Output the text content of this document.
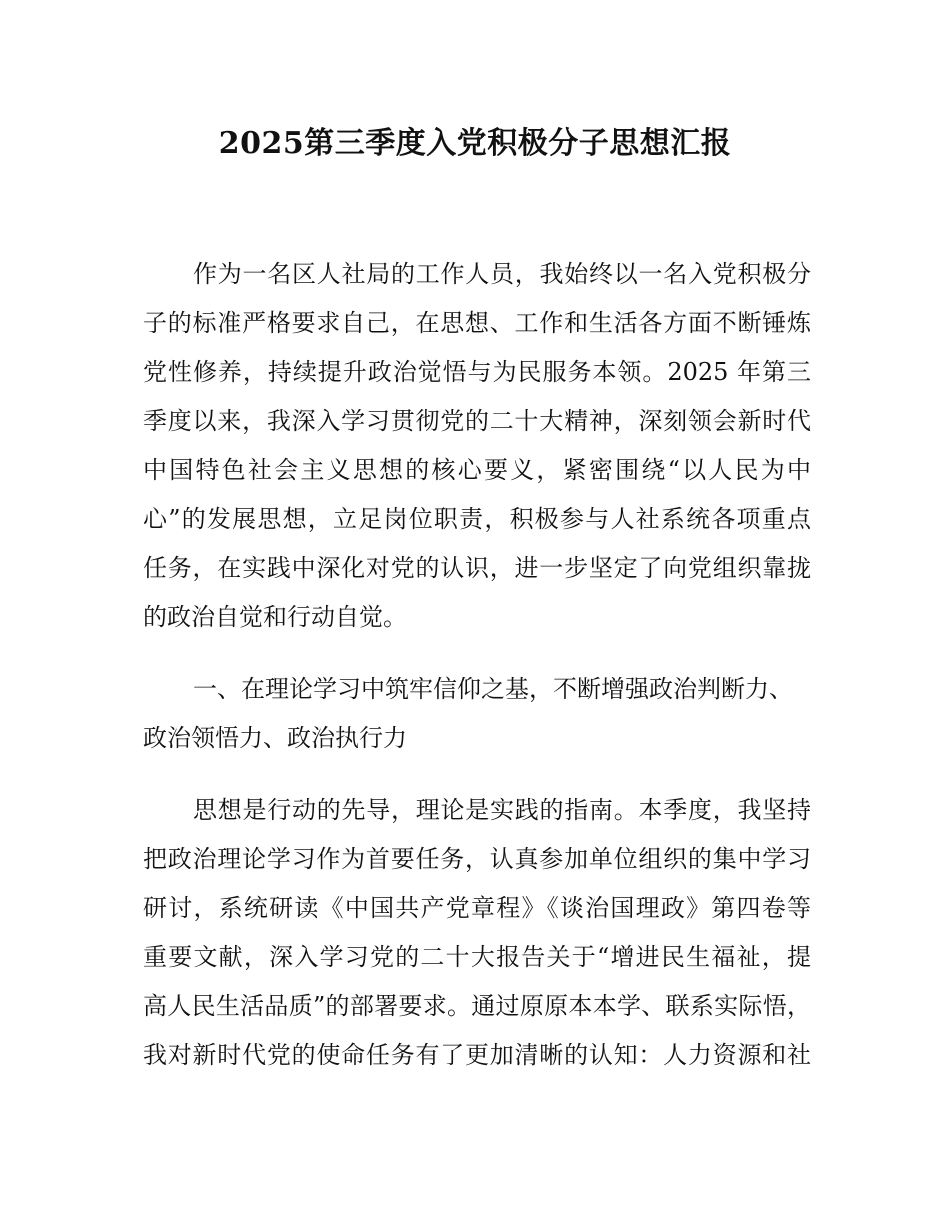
2025第三季度入党积极分子思想汇报
作为一名区人社局的工作人员，我始终以一名入党积极分
子的标准严格要求自己，在思想、工作和生活各方面不断锤炼
党性修养，持续提升政治觉悟与为民服务本领。2025 年第三
季度以来，我深入学习贯彻党的二十大精神，深刻领会新时代
中国特色社会主义思想的核心要义，紧密围绕“以人民为中
心”的发展思想，立足岗位职责，积极参与人社系统各项重点
任务，在实践中深化对党的认识，进一步坚定了向党组织靠拢
的政治自觉和行动自觉。
一、在理论学习中筑牢信仰之基，不断增强政治判断力、
政治领悟力、政治执行力
思想是行动的先导，理论是实践的指南。本季度，我坚持
把政治理论学习作为首要任务，认真参加单位组织的集中学习
研讨，系统研读《中国共产党章程》《谈治国理政》第四卷等
重要文献，深入学习党的二十大报告关于“增进民生福祉，提
高人民生活品质”的部署要求。通过原原本本学、联系实际悟，
我对新时代党的使命任务有了更加清晰的认知：人力资源和社
